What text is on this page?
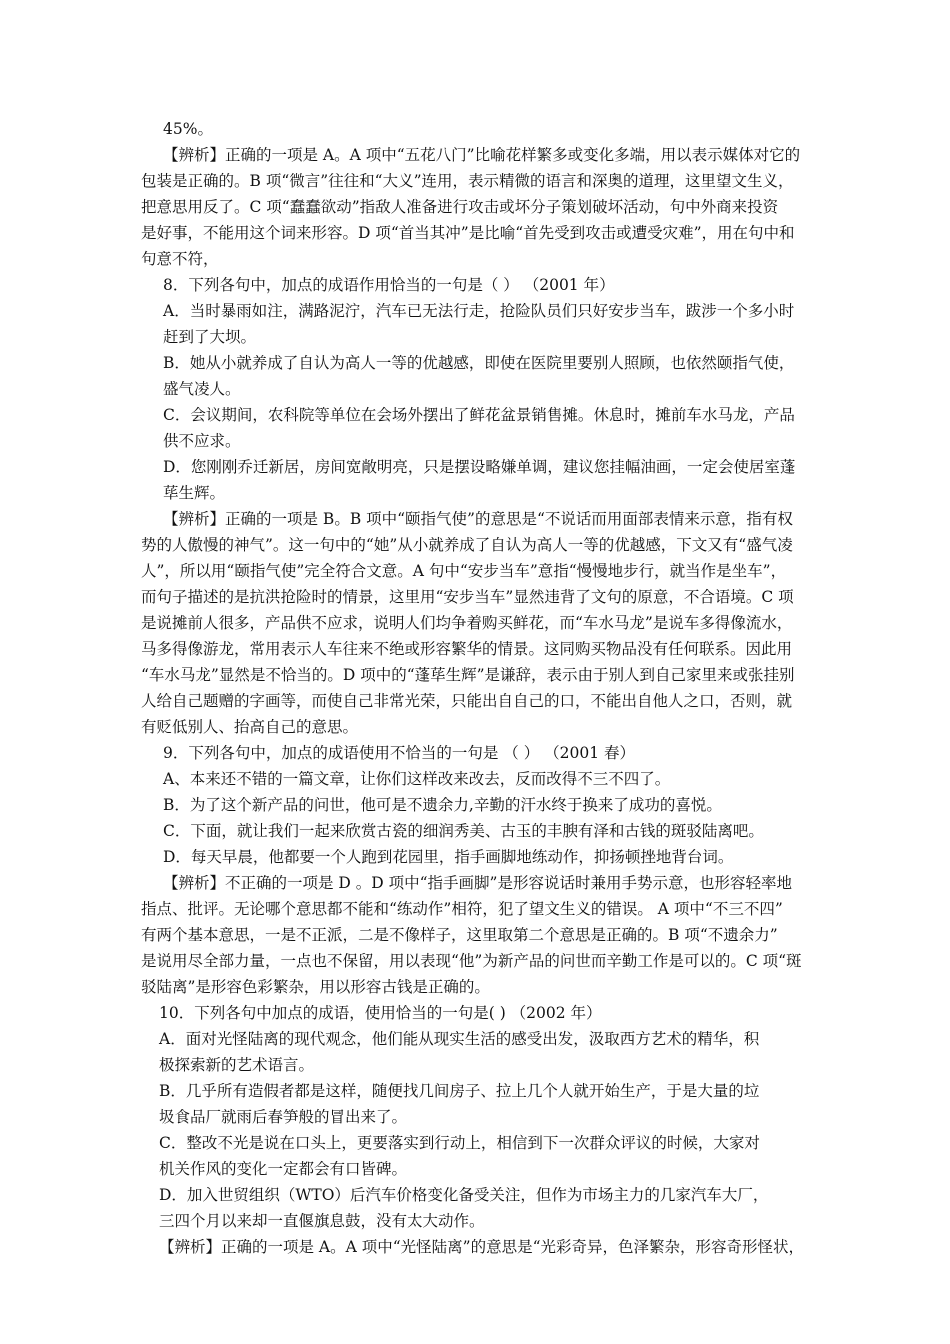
45%。
【辨析】正确的一项是 A。A 项中“五花八门”比喻花样繁多或变化多端，用以表示媒体对它的
包装是正确的。B 项“微言”往往和“大义”连用，表示精微的语言和深奥的道理，这里望文生义，
把意思用反了。C 项“蠢蠢欲动”指敌人准备进行攻击或坏分子策划破坏活动，句中外商来投资
是好事，不能用这个词来形容。D 项“首当其冲”是比喻“首先受到攻击或遭受灾难”，用在句中和
句意不符，
8．下列各句中，加点的成语作用恰当的一句是（ ） （2001 年）
A．当时暴雨如注，满路泥泞，汽车已无法行走，抢险队员们只好安步当车，跋涉一个多小时
赶到了大坝。
B．她从小就养成了自认为高人一等的优越感，即使在医院里要别人照顾，也依然颐指气使，
盛气凌人。
C．会议期间，农科院等单位在会场外摆出了鲜花盆景销售摊。休息时，摊前车水马龙，产品
供不应求。
D．您刚刚乔迁新居，房间宽敞明亮，只是摆设略嫌单调，建议您挂幅油画，一定会使居室蓬
荜生辉。
【辨析】正确的一项是 B。B 项中“颐指气使”的意思是“不说话而用面部表情来示意，指有权
势的人傲慢的神气”。这一句中的“她”从小就养成了自认为高人一等的优越感，下文又有“盛气凌
人”，所以用“颐指气使”完全符合文意。A 句中“安步当车”意指“慢慢地步行，就当作是坐车”，
而句子描述的是抗洪抢险时的情景，这里用“安步当车”显然违背了文句的原意，不合语境。C 项
是说摊前人很多，产品供不应求，说明人们均争着购买鲜花，而“车水马龙”是说车多得像流水，
马多得像游龙，常用表示人车往来不绝或形容繁华的情景。这同购买物品没有任何联系。因此用
“车水马龙”显然是不恰当的。D 项中的“蓬荜生辉”是谦辞，表示由于别人到自己家里来或张挂别
人给自己题赠的字画等，而使自己非常光荣，只能出自自己的口，不能出自他人之口，否则，就
有贬低别人、抬高自己的意思。
9．下列各句中，加点的成语使用不恰当的一句是 （ ） （2001 春）
A、本来还不错的一篇文章，让你们这样改来改去，反而改得不三不四了。
B．为了这个新产品的问世，他可是不遗余力,辛勤的汗水终于换来了成功的喜悦。
C．下面，就让我们一起来欣赏古瓷的细润秀美、古玉的丰腴有泽和古钱的斑驳陆离吧。
D．每天早晨，他都要一个人跑到花园里，指手画脚地练动作，抑扬顿挫地背台词。
【辨析】不正确的一项是 D 。D 项中“指手画脚”是形容说话时兼用手势示意，也形容轻率地
指点、批评。无论哪个意思都不能和“练动作”相符，犯了望文生义的错误。 A 项中“不三不四”
有两个基本意思，一是不正派，二是不像样子，这里取第二个意思是正确的。B 项“不遗余力”
是说用尽全部力量，一点也不保留，用以表现“他”为新产品的问世而辛勤工作是可以的。C 项“斑
驳陆离”是形容色彩繁杂，用以形容古钱是正确的。
10．下列各句中加点的成语，使用恰当的一句是( ) （2002 年）
A．面对光怪陆离的现代观念，他们能从现实生活的感受出发，汲取西方艺术的精华，积
极探索新的艺术语言。
B．几乎所有造假者都是这样，随便找几间房子、拉上几个人就开始生产，于是大量的垃
圾食品厂就雨后春笋般的冒出来了。
C．整改不光是说在口头上，更要落实到行动上，相信到下一次群众评议的时候，大家对
机关作风的变化一定都会有口皆碑。
D．加入世贸组织（WTO）后汽车价格变化备受关注，但作为市场主力的几家汽车大厂，
三四个月以来却一直偃旗息鼓，没有太大动作。
【辨析】正确的一项是 A。A 项中“光怪陆离”的意思是“光彩奇异，色泽繁杂，形容奇形怪状，
